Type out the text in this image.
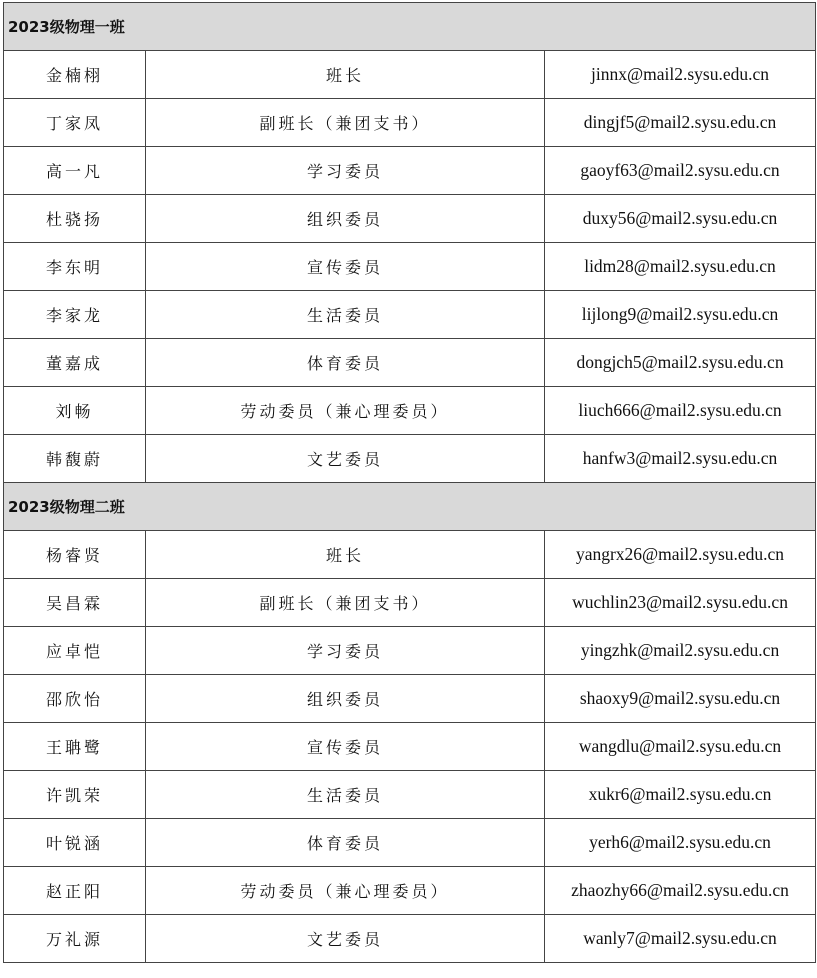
2023级物理一班		
金楠栩	班长	jinnx@mail2.sysu.edu.cn
丁家凤	副班长（兼团支书）	dingjf5@mail2.sysu.edu.cn
高一凡	学习委员	gaoyf63@mail2.sysu.edu.cn
杜骁扬	组织委员	duxy56@mail2.sysu.edu.cn
李东明	宣传委员	lidm28@mail2.sysu.edu.cn
李家龙	生活委员	lijlong9@mail2.sysu.edu.cn
董嘉成	体育委员	dongjch5@mail2.sysu.edu.cn
刘畅	劳动委员（兼心理委员）	liuch666@mail2.sysu.edu.cn
韩馥蔚	文艺委员	hanfw3@mail2.sysu.edu.cn
2023级物理二班		
杨睿贤	班长	yangrx26@mail2.sysu.edu.cn
吴昌霖	副班长（兼团支书）	wuchlin23@mail2.sysu.edu.cn
应卓恺	学习委员	yingzhk@mail2.sysu.edu.cn
邵欣怡	组织委员	shaoxy9@mail2.sysu.edu.cn
王聃鹭	宣传委员	wangdlu@mail2.sysu.edu.cn
许凯荣	生活委员	xukr6@mail2.sysu.edu.cn
叶锐涵	体育委员	yerh6@mail2.sysu.edu.cn
赵正阳	劳动委员（兼心理委员）	zhaozhy66@mail2.sysu.edu.cn
万礼源	文艺委员	wanly7@mail2.sysu.edu.cn
